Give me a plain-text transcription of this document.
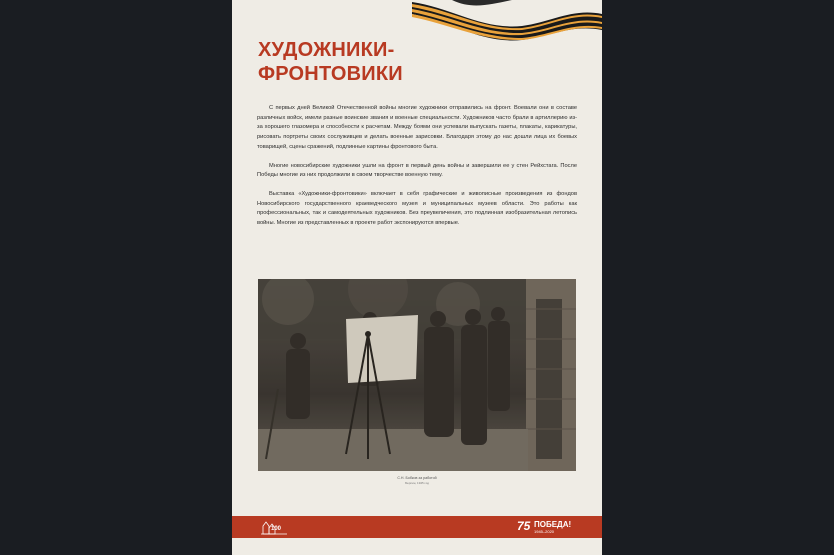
ХУДОЖНИКИ-
ФРОНТОВИКИ

С первых дней Великой Отечественной войны многие художники отправились на фронт. Воевали они в составе различных войск, имели разные воинские звания и военные специальности. Художников часто брали в артиллерию из-за хорошего глазомера и способности к расчетам. Между боями они успевали выпускать газеты, плакаты, карикатуры, рисовать портреты своих сослуживцев и делать военные зарисовки. Благодаря этому до нас дошли лица их боевых товарищей, сцены сражений, подлинные картины фронтового быта.

Многие новосибирские художники ушли на фронт в первый день войны и завершили ее у стен Рейхстага. После Победы многие из них продолжили в своем творчестве военную тему.

Выставка «Художники-фронтовики» включает в себя графические и живописные произведения из фондов Новосибирского государственного краеведческого музея и муниципальных музеев области. Это работы как профессиональных, так и самодеятельных художников. Без преувеличения, это подлинная изобразительная летопись войны. Многие из представленных в проекте работ экспонируются впервые.

С.Н. Бобков за работой
Берлин, 1945 год
100	75 ПОБЕДА!
1945–2020
